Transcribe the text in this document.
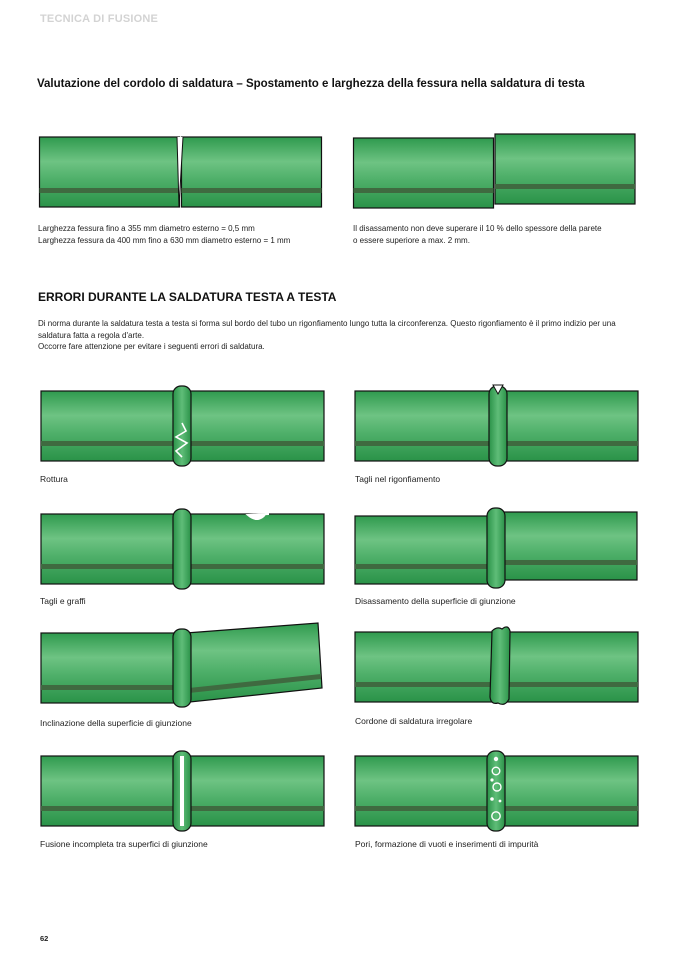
TECNICA DI FUSIONE
Valutazione del cordolo di saldatura – Spostamento e larghezza della fessura nella saldatura di testa
Larghezza fessura fino a 355 mm diametro esterno = 0,5 mm
Larghezza fessura da 400 mm fino a 630 mm diametro esterno = 1 mm
Il disassamento non deve superare il 10 % dello spessore della parete
o essere superiore a max. 2 mm.
ERRORI DURANTE LA SALDATURA TESTA A TESTA
Di norma durante la saldatura testa a testa si forma sul bordo del tubo un rigonfiamento lungo tutta la circonferenza. Questo rigonfiamento è il primo indizio per una
saldatura fatta a regola d'arte.
Occorre fare attenzione per evitare i seguenti errori di saldatura.
Rottura	Tagli nel rigonfiamento
Tagli e graffi	Disassamento della superficie di giunzione
Inclinazione della superficie di giunzione	Cordone di saldatura irregolare
Fusione incompleta tra superfici di giunzione	Pori, formazione di vuoti e inserimenti di impurità
62
